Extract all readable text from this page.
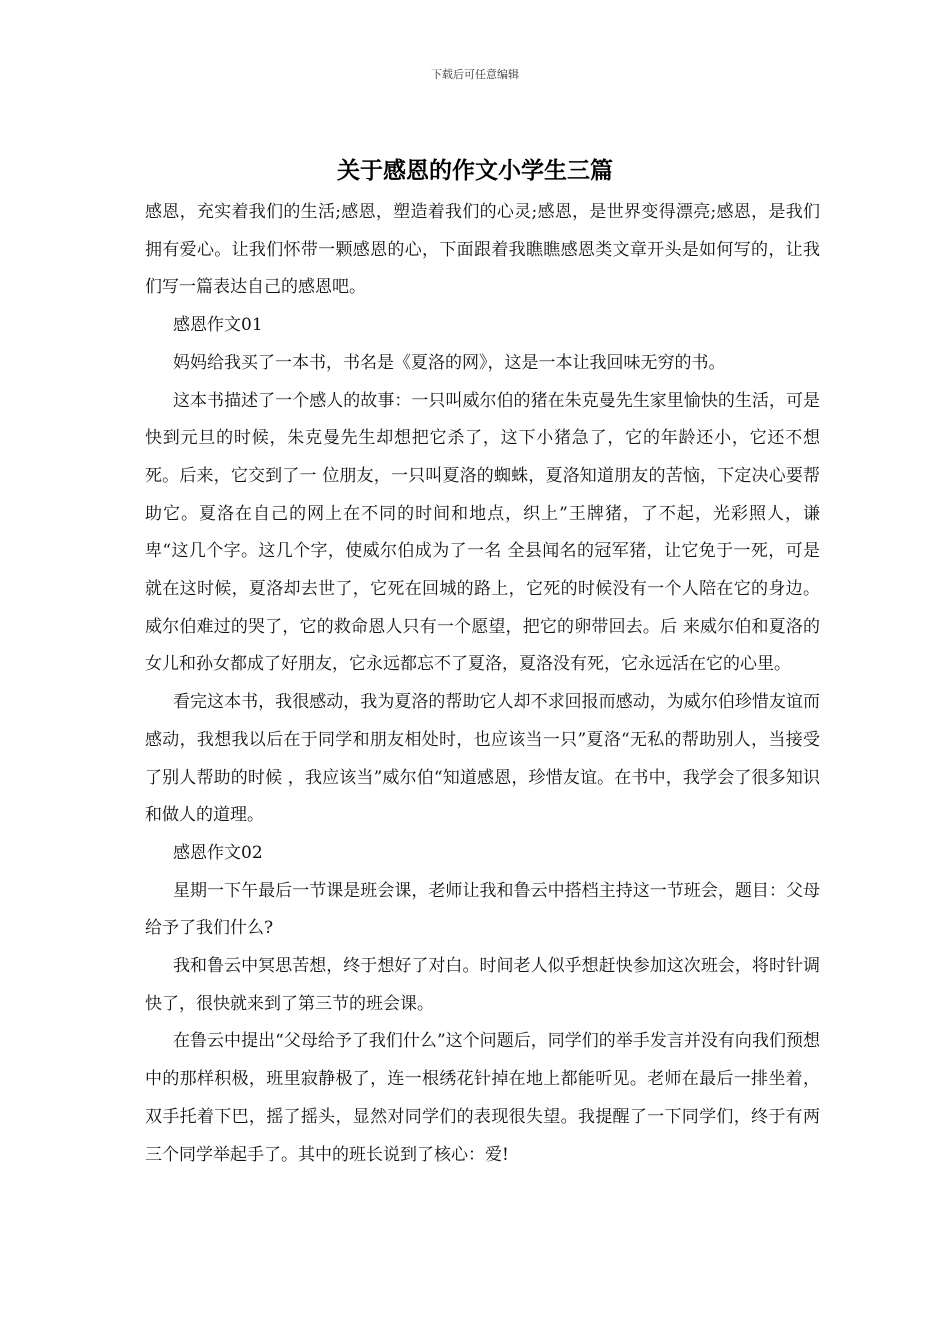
下载后可任意编辑
关于感恩的作文小学生三篇

感恩，充实着我们的生活;感恩，塑造着我们的心灵;感恩，是世界变得漂亮;感恩，是我们拥有爱心。让我们怀带一颗感恩的心，下面跟着我瞧瞧感恩类文章开头是如何写的，让我们写一篇表达自己的感恩吧。

感恩作文01

妈妈给我买了一本书，书名是《夏洛的网》，这是一本让我回味无穷的书。

这本书描述了一个感人的故事：一只叫威尔伯的猪在朱克曼先生家里愉快的生活，可是快到元旦的时候，朱克曼先生却想把它杀了，这下小猪急了，它的年龄还小，它还不想死。后来，它交到了一 位朋友，一只叫夏洛的蜘蛛，夏洛知道朋友的苦恼，下定决心要帮助它。夏洛在自己的网上在不同的时间和地点，织上”王牌猪，了不起，光彩照人，谦卑“这几个字。这几个字，使威尔伯成为了一名 全县闻名的冠军猪，让它免于一死，可是就在这时候，夏洛却去世了，它死在回城的路上，它死的时候没有一个人陪在它的身边。威尔伯难过的哭了，它的救命恩人只有一个愿望，把它的卵带回去。后 来威尔伯和夏洛的女儿和孙女都成了好朋友，它永远都忘不了夏洛，夏洛没有死，它永远活在它的心里。

看完这本书，我很感动，我为夏洛的帮助它人却不求回报而感动，为威尔伯珍惜友谊而感动，我想我以后在于同学和朋友相处时，也应该当一只”夏洛“无私的帮助别人，当接受了别人帮助的时候 ，我应该当”威尔伯“知道感恩，珍惜友谊。在书中，我学会了很多知识和做人的道理。

感恩作文02

星期一下午最后一节课是班会课，老师让我和鲁云中搭档主持这一节班会，题目：父母给予了我们什么?

我和鲁云中冥思苦想，终于想好了对白。时间老人似乎想赶快参加这次班会，将时针调快了，很快就来到了第三节的班会课。

在鲁云中提出“父母给予了我们什么”这个问题后，同学们的举手发言并没有向我们预想中的那样积极，班里寂静极了，连一根绣花针掉在地上都能听见。老师在最后一排坐着，双手托着下巴，摇了摇头，显然对同学们的表现很失望。我提醒了一下同学们，终于有两三个同学举起手了。其中的班长说到了核心：爱!
